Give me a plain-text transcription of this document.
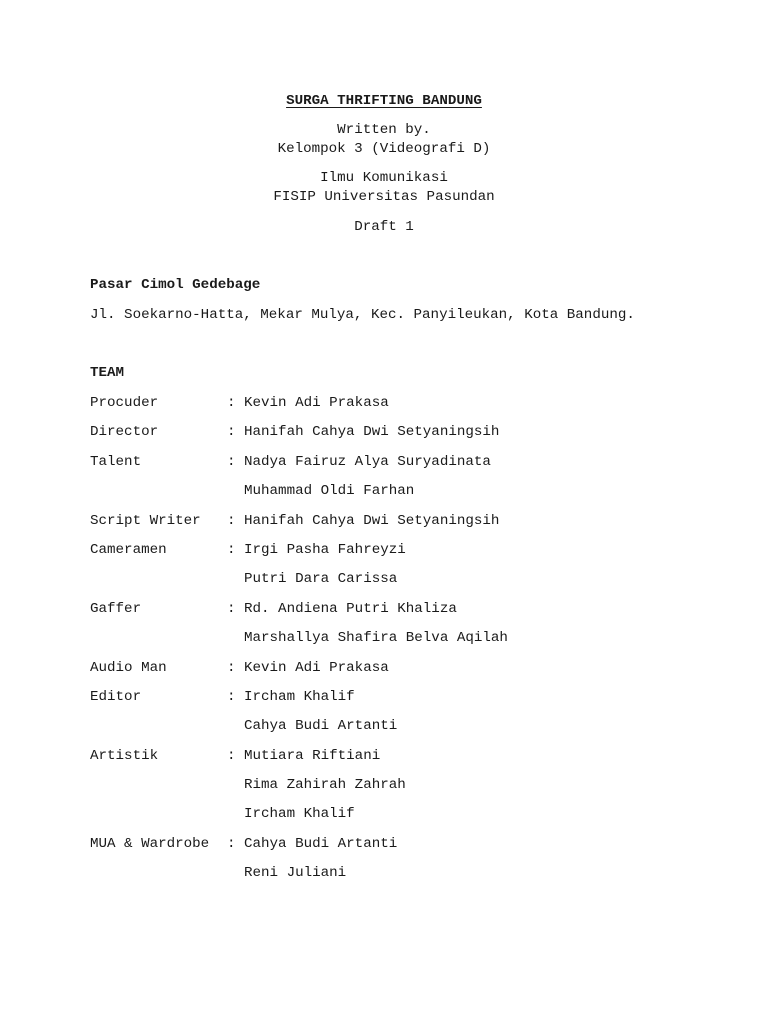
SURGA THRIFTING BANDUNG
Written by.
Kelompok 3 (Videografi D)
Ilmu Komunikasi
FISIP Universitas Pasundan
Draft 1
Pasar Cimol Gedebage
Jl. Soekarno-Hatta, Mekar Mulya, Kec. Panyileukan, Kota Bandung.
TEAM
Procuder	: Kevin Adi Prakasa
Director	: Hanifah Cahya Dwi Setyaningsih
Talent	: Nadya Fairuz Alya Suryadinata
Muhammad Oldi Farhan
Script Writer	: Hanifah Cahya Dwi Setyaningsih
Cameramen	: Irgi Pasha Fahreyzi
Putri Dara Carissa
Gaffer	: Rd. Andiena Putri Khaliza
Marshallya Shafira Belva Aqilah
Audio Man	: Kevin Adi Prakasa
Editor	: Ircham Khalif
Cahya Budi Artanti
Artistik	: Mutiara Riftiani
Rima Zahirah Zahrah
Ircham Khalif
MUA & Wardrobe	: Cahya Budi Artanti
Reni Juliani
